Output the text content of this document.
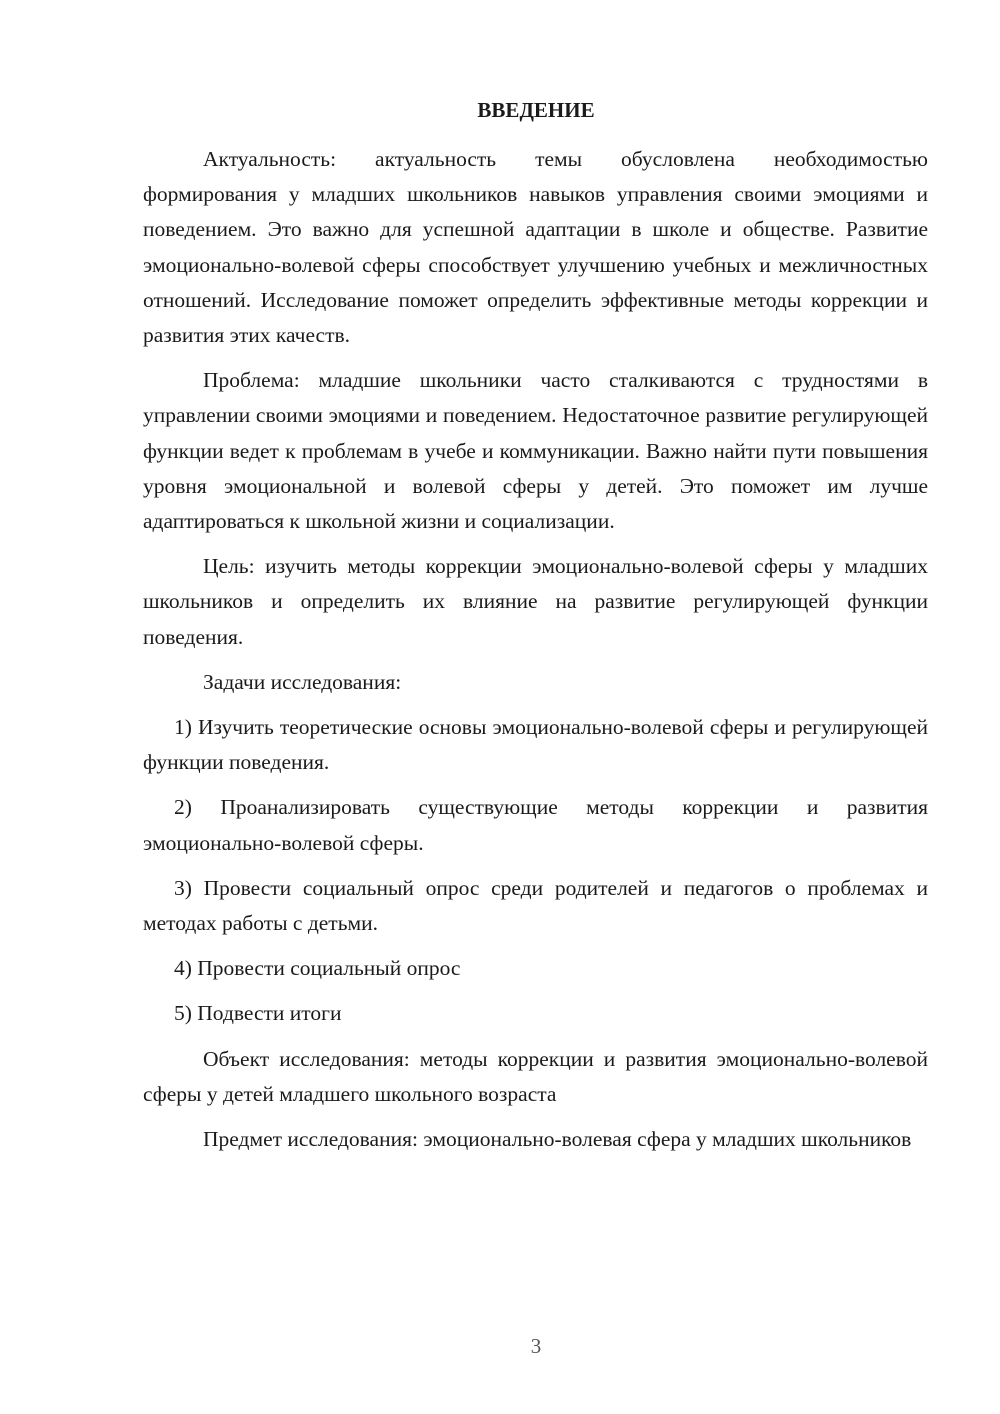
ВВЕДЕНИЕ

Актуальность: актуальность темы обусловлена необходимостью формирования у младших школьников навыков управления своими эмоциями и поведением. Это важно для успешной адаптации в школе и обществе. Развитие эмоционально-волевой сферы способствует улучшению учебных и межличностных отношений. Исследование поможет определить эффективные методы коррекции и развития этих качеств.

Проблема: младшие школьники часто сталкиваются с трудностями в управлении своими эмоциями и поведением. Недостаточное развитие регулирующей функции ведет к проблемам в учебе и коммуникации. Важно найти пути повышения уровня эмоциональной и волевой сферы у детей. Это поможет им лучше адаптироваться к школьной жизни и социализации.

Цель: изучить методы коррекции эмоционально-волевой сферы у младших школьников и определить их влияние на развитие регулирующей функции поведения.

Задачи исследования:

1) Изучить теоретические основы эмоционально-волевой сферы и регулирующей функции поведения.

2) Проанализировать существующие методы коррекции и развития эмоционально-волевой сферы.

3) Провести социальный опрос среди родителей и педагогов о проблемах и методах работы с детьми.

4) Провести социальный опрос

5) Подвести итоги

Объект исследования: методы коррекции и развития эмоционально-волевой сферы у детей младшего школьного возраста

Предмет исследования: эмоционально-волевая сфера у младших школьников

3
